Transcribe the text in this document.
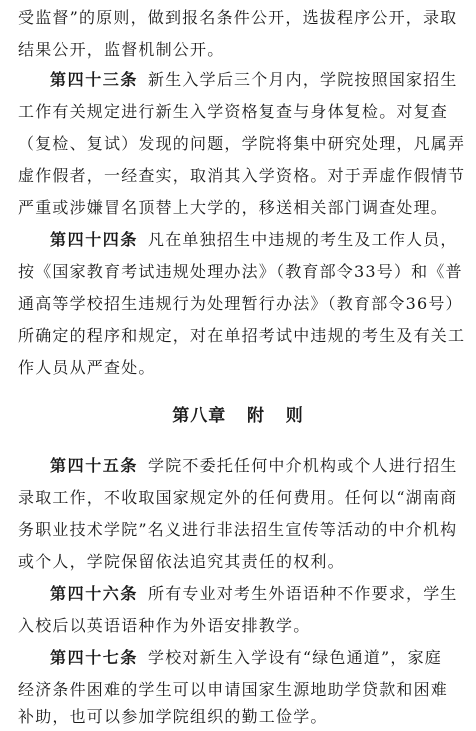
受监督”的原则，做到报名条件公开，选拔程序公开，录取
结果公开，监督机制公开。
第四十三条 新生入学后三个月内，学院按照国家招生
工作有关规定进行新生入学资格复查与身体复检。对复查
（复检、复试）发现的问题，学院将集中研究处理，凡属弄
虚作假者，一经查实，取消其入学资格。对于弄虚作假情节
严重或涉嫌冒名顶替上大学的，移送相关部门调查处理。
第四十四条 凡在单独招生中违规的考生及工作人员，
按《国家教育考试违规处理办法》（教育部令33号）和《普
通高等学校招生违规行为处理暂行办法》（教育部令36号）
所确定的程序和规定，对在单招考试中违规的考生及有关工
作人员从严查处。
第八章   附   则
第四十五条 学院不委托任何中介机构或个人进行招生
录取工作，不收取国家规定外的任何费用。任何以“湖南商
务职业技术学院”名义进行非法招生宣传等活动的中介机构
或个人，学院保留依法追究其责任的权利。
第四十六条 所有专业对考生外语语种不作要求，学生
入校后以英语语种作为外语安排教学。
第四十七条 学校对新生入学设有“绿色通道”，家庭
经济条件困难的学生可以申请国家生源地助学贷款和困难
补助，也可以参加学院组织的勤工俭学。
